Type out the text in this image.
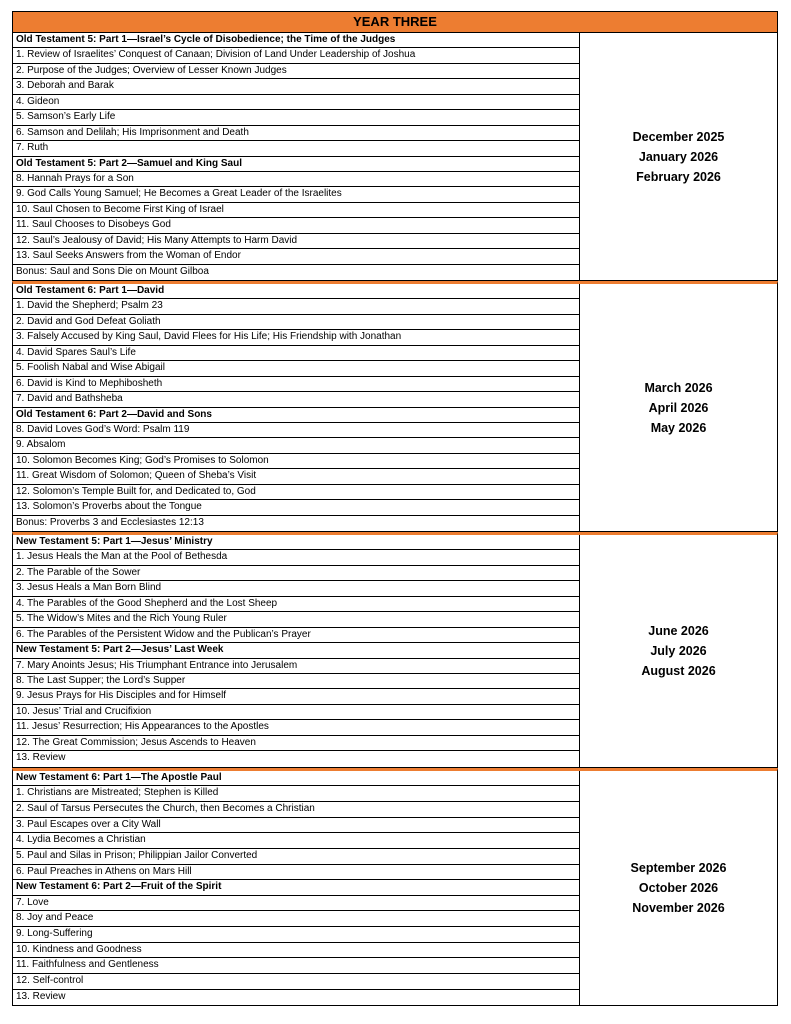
YEAR THREE
Old Testament 5: Part 1—Israel’s Cycle of Disobedience; the Time of the Judges
1. Review of Israelites’ Conquest of Canaan; Division of Land Under Leadership of Joshua
2. Purpose of the Judges; Overview of Lesser Known Judges
3. Deborah and Barak
4. Gideon
5. Samson’s Early Life
6. Samson and Delilah; His Imprisonment and Death
7. Ruth
Old Testament 5: Part 2—Samuel and King Saul
8. Hannah Prays for a Son
9. God Calls Young Samuel; He Becomes a Great Leader of the Israelites
10. Saul Chosen to Become First King of Israel
11. Saul Chooses to Disobeys God
12. Saul’s Jealousy of David; His Many Attempts to Harm David
13. Saul Seeks Answers from the Woman of Endor
Bonus: Saul and Sons Die on Mount Gilboa
December 2025
January 2026
February 2026
Old Testament 6: Part 1—David
1. David the Shepherd; Psalm 23
2. David and God Defeat Goliath
3. Falsely Accused by King Saul, David Flees for His Life; His Friendship with Jonathan
4. David Spares Saul’s Life
5. Foolish Nabal and Wise Abigail
6. David is Kind to Mephibosheth
7. David and Bathsheba
Old Testament 6: Part 2—David and Sons
8. David Loves God’s Word: Psalm 119
9. Absalom
10. Solomon Becomes King; God’s Promises to Solomon
11. Great Wisdom of Solomon; Queen of Sheba’s Visit
12. Solomon’s Temple Built for, and Dedicated to, God
13. Solomon’s Proverbs about the Tongue
Bonus: Proverbs 3 and Ecclesiastes 12:13
March 2026
April 2026
May 2026
New Testament 5: Part 1—Jesus’ Ministry
1. Jesus Heals the Man at the Pool of Bethesda
2. The Parable of the Sower
3. Jesus Heals a Man Born Blind
4. The Parables of the Good Shepherd and the Lost Sheep
5. The Widow’s Mites and the Rich Young Ruler
6. The Parables of the Persistent Widow and the Publican’s Prayer
New Testament 5: Part 2—Jesus’ Last Week
7. Mary Anoints Jesus; His Triumphant Entrance into Jerusalem
8. The Last Supper; the Lord’s Supper
9. Jesus Prays for His Disciples and for Himself
10. Jesus’ Trial and Crucifixion
11. Jesus’ Resurrection; His Appearances to the Apostles
12. The Great Commission; Jesus Ascends to Heaven
13. Review
June 2026
July 2026
August 2026
New Testament 6: Part 1—The Apostle Paul
1. Christians are Mistreated; Stephen is Killed
2. Saul of Tarsus Persecutes the Church, then Becomes a Christian
3. Paul Escapes over a City Wall
4. Lydia Becomes a Christian
5. Paul and Silas in Prison; Philippian Jailor Converted
6. Paul Preaches in Athens on Mars Hill
New Testament 6: Part 2—Fruit of the Spirit
7. Love
8. Joy and Peace
9. Long-Suffering
10. Kindness and Goodness
11. Faithfulness and Gentleness
12. Self-control
13. Review
September 2026
October 2026
November 2026
